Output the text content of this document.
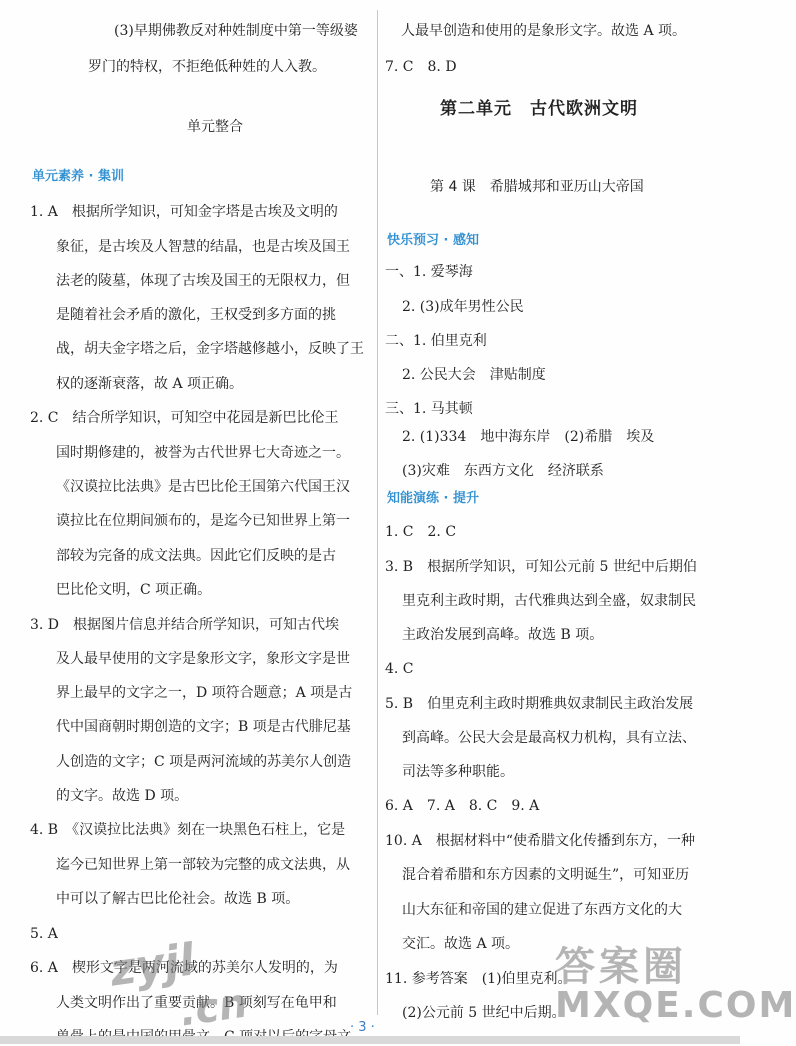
(3)早期佛教反对种姓制度中第一等级婆
罗门的特权，不拒绝低种姓的人入教。
单元整合
单元素养 · 集训
1. A　根据所学知识，可知金字塔是古埃及文明的
象征，是古埃及人智慧的结晶，也是古埃及国王
法老的陵墓，体现了古埃及国王的无限权力，但
是随着社会矛盾的激化，王权受到多方面的挑
战，胡夫金字塔之后，金字塔越修越小，反映了王
权的逐渐衰落，故 A 项正确。
2. C　结合所学知识，可知空中花园是新巴比伦王
国时期修建的，被誉为古代世界七大奇迹之一。
《汉谟拉比法典》是古巴比伦王国第六代国王汉
谟拉比在位期间颁布的，是迄今已知世界上第一
部较为完备的成文法典。因此它们反映的是古
巴比伦文明，C 项正确。
3. D　根据图片信息并结合所学知识，可知古代埃
及人最早使用的文字是象形文字，象形文字是世
界上最早的文字之一，D 项符合题意；A 项是古
代中国商朝时期创造的文字；B 项是古代腓尼基
人创造的文字；C 项是两河流域的苏美尔人创造
的文字。故选 D 项。
4. B　《汉谟拉比法典》刻在一块黑色石柱上，它是
迄今已知世界上第一部较为完整的成文法典，从
中可以了解古巴比伦社会。故选 B 项。
5. A
6. A　楔形文字是两河流域的苏美尔人发明的，为
人类文明作出了重要贡献。B 项刻写在龟甲和
人最早创造和使用的是象形文字。故选 A 项。
7. C　8. D
第二单元　古代欧洲文明
第 4 课　希腊城邦和亚历山大帝国
快乐预习 · 感知
知能演练 · 提升
一、1. 爱琴海
2. (3)成年男性公民
二、1. 伯里克利
2. 公民大会　津贴制度
三、1. 马其顿
2. (1)334　地中海东岸　(2)希腊　埃及
(3)灾难　东西方文化　经济联系
1. C　2. C
3. B　根据所学知识，可知公元前 5 世纪中后期伯
里克利主政时期，古代雅典达到全盛，奴隶制民
主政治发展到高峰。故选 B 项。
4. C
5. B　伯里克利主政时期雅典奴隶制民主政治发展
到高峰。公民大会是最高权力机构，具有立法、
司法等多种职能。
6. A　7. A　8. C　9. A
10. A　根据材料中“使希腊文化传播到东方，一种
混合着希腊和东方因素的文明诞生”，可知亚历
山大东征和帝国的建立促进了东西方文化的大
交汇。故选 A 项。
11. 参考答案　(1)伯里克利。
(2)公元前 5 世纪中后期。
· 3 ·
zyjl
.cn
答案圈
MXQE.COM
